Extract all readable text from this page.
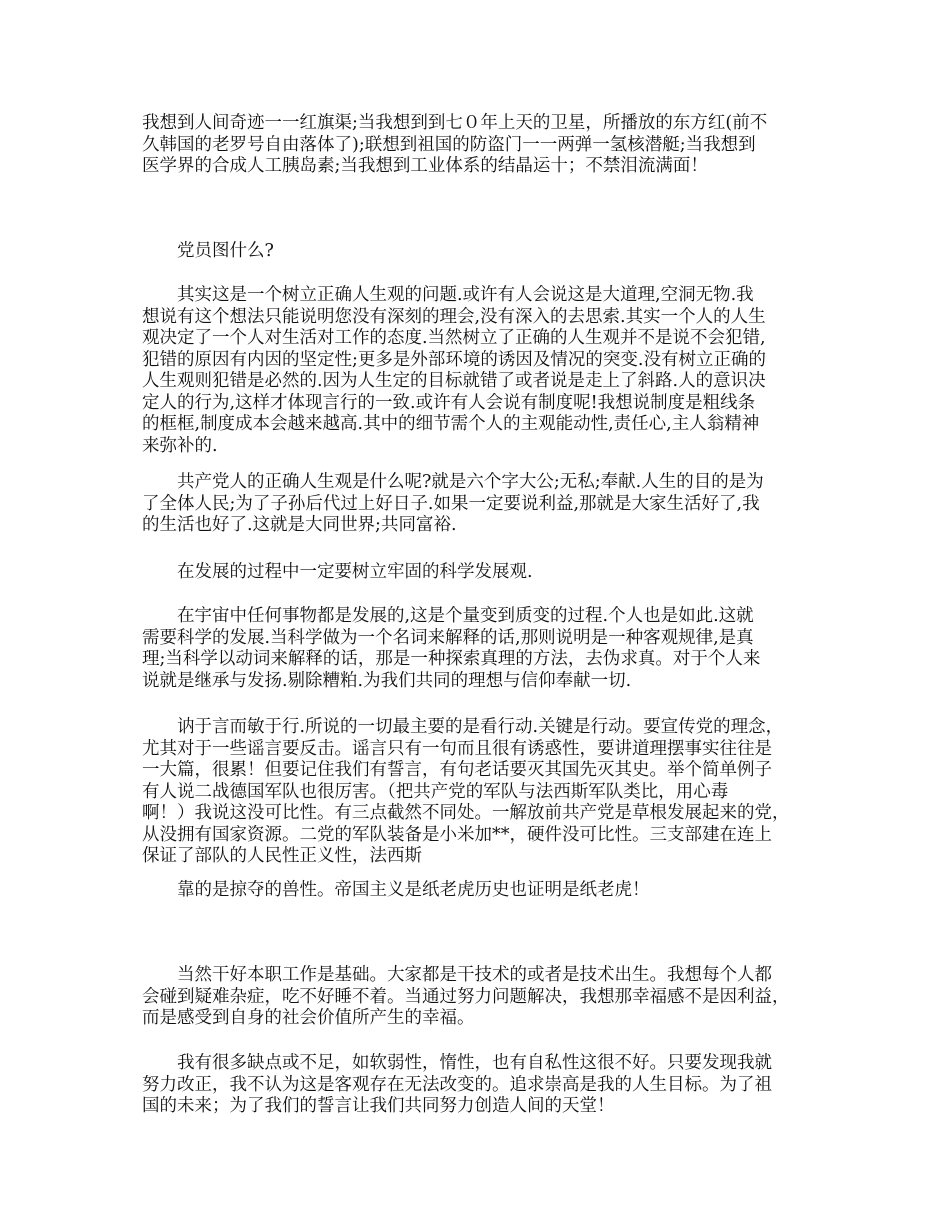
我想到人间奇迹一一红旗渠;当我想到到七０年上天的卫星，所播放的东方红(前不
久韩国的老罗号自由落体了);联想到祖国的防盗门一一两弹一氢核潜艇;当我想到
医学界的合成人工胰岛素;当我想到工业体系的结晶运十；不禁泪流满面！
　　党员图什么?
　　其实这是一个树立正确人生观的问题.或许有人会说这是大道理,空洞无物.我
想说有这个想法只能说明您没有深刻的理会,没有深入的去思索.其实一个人的人生
观决定了一个人对生活对工作的态度.当然树立了正确的人生观并不是说不会犯错,
犯错的原因有内因的坚定性;更多是外部环境的诱因及情况的突变.没有树立正确的
人生观则犯错是必然的.因为人生定的目标就错了或者说是走上了斜路.人的意识决
定人的行为,这样才体现言行的一致.或许有人会说有制度呢!我想说制度是粗线条
的框框,制度成本会越来越高.其中的细节需个人的主观能动性,责任心,主人翁精神
来弥补的.
　　共产党人的正确人生观是什么呢?就是六个字大公;无私;奉献.人生的目的是为
了全体人民;为了子孙后代过上好日子.如果一定要说利益,那就是大家生活好了,我
的生活也好了.这就是大同世界;共同富裕.
　　在发展的过程中一定要树立牢固的科学发展观.
　　在宇宙中任何事物都是发展的,这是个量变到质变的过程.个人也是如此.这就
需要科学的发展.当科学做为一个名词来解释的话,那则说明是一种客观规律,是真
理;当科学以动词来解释的话，那是一种探索真理的方法，去伪求真。对于个人来
说就是继承与发扬.剔除糟粕.为我们共同的理想与信仰奉献一切.
　　讷于言而敏于行.所说的一切最主要的是看行动.关键是行动。要宣传党的理念，
尤其对于一些谣言要反击。谣言只有一句而且很有诱惑性，要讲道理摆事实往往是
一大篇，很累！但要记住我们有誓言，有句老话要灭其国先灭其史。举个简单例子
有人说二战德国军队也很厉害。（把共产党的军队与法西斯军队类比，用心毒
啊！）我说这没可比性。有三点截然不同处。一解放前共产党是草根发展起来的党，
从没拥有国家资源。二党的军队装备是小米加**，硬件没可比性。三支部建在连上
保证了部队的人民性正义性，法西斯
　　靠的是掠夺的兽性。帝国主义是纸老虎历史也证明是纸老虎！
　　当然干好本职工作是基础。大家都是干技术的或者是技术出生。我想每个人都
会碰到疑难杂症，吃不好睡不着。当通过努力问题解决，我想那幸福感不是因利益，
而是感受到自身的社会价值所产生的幸福。
　　我有很多缺点或不足，如软弱性，惰性，也有自私性这很不好。只要发现我就
努力改正，我不认为这是客观存在无法改变的。追求崇高是我的人生目标。为了祖
国的未来；为了我们的誓言让我们共同努力创造人间的天堂！
